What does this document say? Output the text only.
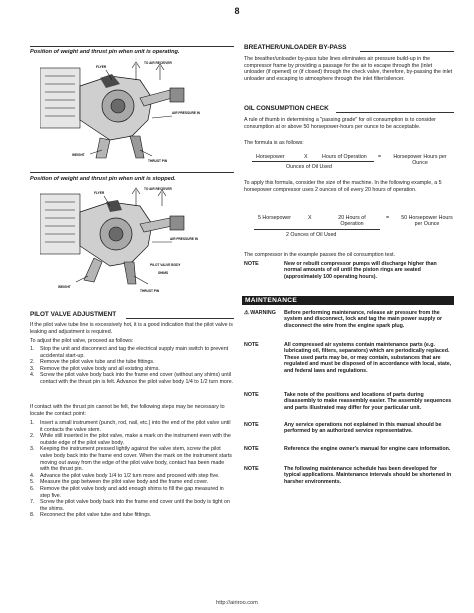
8
Position of weight and thrust pin when unit is operating.
FLYER
TO AIR RECEIVER
AIR PRESSURE IN
WEIGHT
THRUST PIN
Position of weight and thrust pin when unit is stopped.
FLYER
TO AIR RECEIVER
AIR PRESSURE IN
WEIGHT
THRUST PIN
PILOT VALVE BODY
SHIMS
PILOT VALVE ADJUSTMENT
If the pilot valve tube line is excessively hot, it is a good indication that the pilot valve is leaking and adjustment is required.
To adjust the pilot valve, proceed as follows:
1.	Stop the unit and disconnect and tag the electrical supply main switch to prevent accidental start-up.
2.	Remove the pilot valve tube and the tube fittings.
3.	Remove the pilot valve body and all existing shims.
4.	Screw the pilot valve body back into the frame end cover (without any shims) until contact with the thrust pin is felt. Advance the pilot valve body 1/4 to 1/2 turn more.
If contact with the thrust pin cannot be felt, the following steps may be necessary to locate the contact point:
1.	Insert a small instrument (punch, rod, nail, etc.) into the end of the pilot valve until it contacts the valve stem.
2.	While still inserted in the pilot valve, make a mark on the instrument even with the outside edge of the pilot valve body.
3.	Keeping the instrument pressed lightly against the valve stem, screw the pilot valve body back into the frame end cover. When the mark on the instrument starts moving out away from the edge of the pilot valve body, contact has been made with the thrust pin.
4.	Advance the pilot valve body 1/4 to 1/2 turn more and proceed with step five.
5.	Measure the gap between the pilot valve body and the frame end cover.
6.	Remove the pilot valve body and add enough shims to fill the gap measured in step five.
7.	Screw the pilot valve body back into the frame end cover until the body is tight on the shims.
8.	Reconnect the pilot valve tube and tube fittings.
BREATHER/UNLOADER BY-PASS
The breather/unloader by-pass tube lines eliminates air pressure build-up in the compressor frame by providing a passage for the air to escape through the (inlet unloader (if opened) or (if closed) through the check valve, therefore, by-passing the inlet unloader and escaping to atmosphere through the inlet filter/silencer.
OIL CONSUMPTION CHECK
A rule of thumb in determining a "passing grade" for oil consumption is to consider consumption at or above 50 horsepower-hours per ounce to be acceptable.
The formula is as follows:
Horsepower	X	Hours of Operation = Horsepower Hours per Ounce
Ounces of Oil Used
To apply this formula, consider the size of the machine. In the following example, a 5 horsepower compressor uses 2 ounces of oil every 20 hours of operation.
5 Horsepower	X	20 Hours of Operation
= 50 Horsepower Hours per Ounce
2 Ounces of Oil Used
The compressor in the example passes the oil consumption test.
NOTE	New or rebuilt compressor pumps will discharge higher than normal amounts of oil until the piston rings are seated (approximately 100 operating hours).
MAINTENANCE
⚠ WARNING	Before performing maintenance, release air pressure from the system and disconnect, lock and tag the main power supply or disconnect the wire from the engine spark plug.
NOTE	All compressed air systems contain maintenance parts (e.g. lubricating oil, filters, separators) which are periodically replaced. These used parts may be, or may contain, substances that are regulated and must be disposed of in accordance with local, state, and federal laws and regulations.
NOTE	Take note of the positions and locations of parts during disassembly to make reassembly easier. The assembly sequences and parts illustrated may differ for your particular unit.
NOTE	Any service operations not explained in this manual should be performed by an authorized service representative.
NOTE	Reference the engine owner's manual for engine care information.
NOTE	The following maintenance schedule has been developed for typical applications. Maintenance intervals should be shortened in harsher environments.
http://airiroo.com
